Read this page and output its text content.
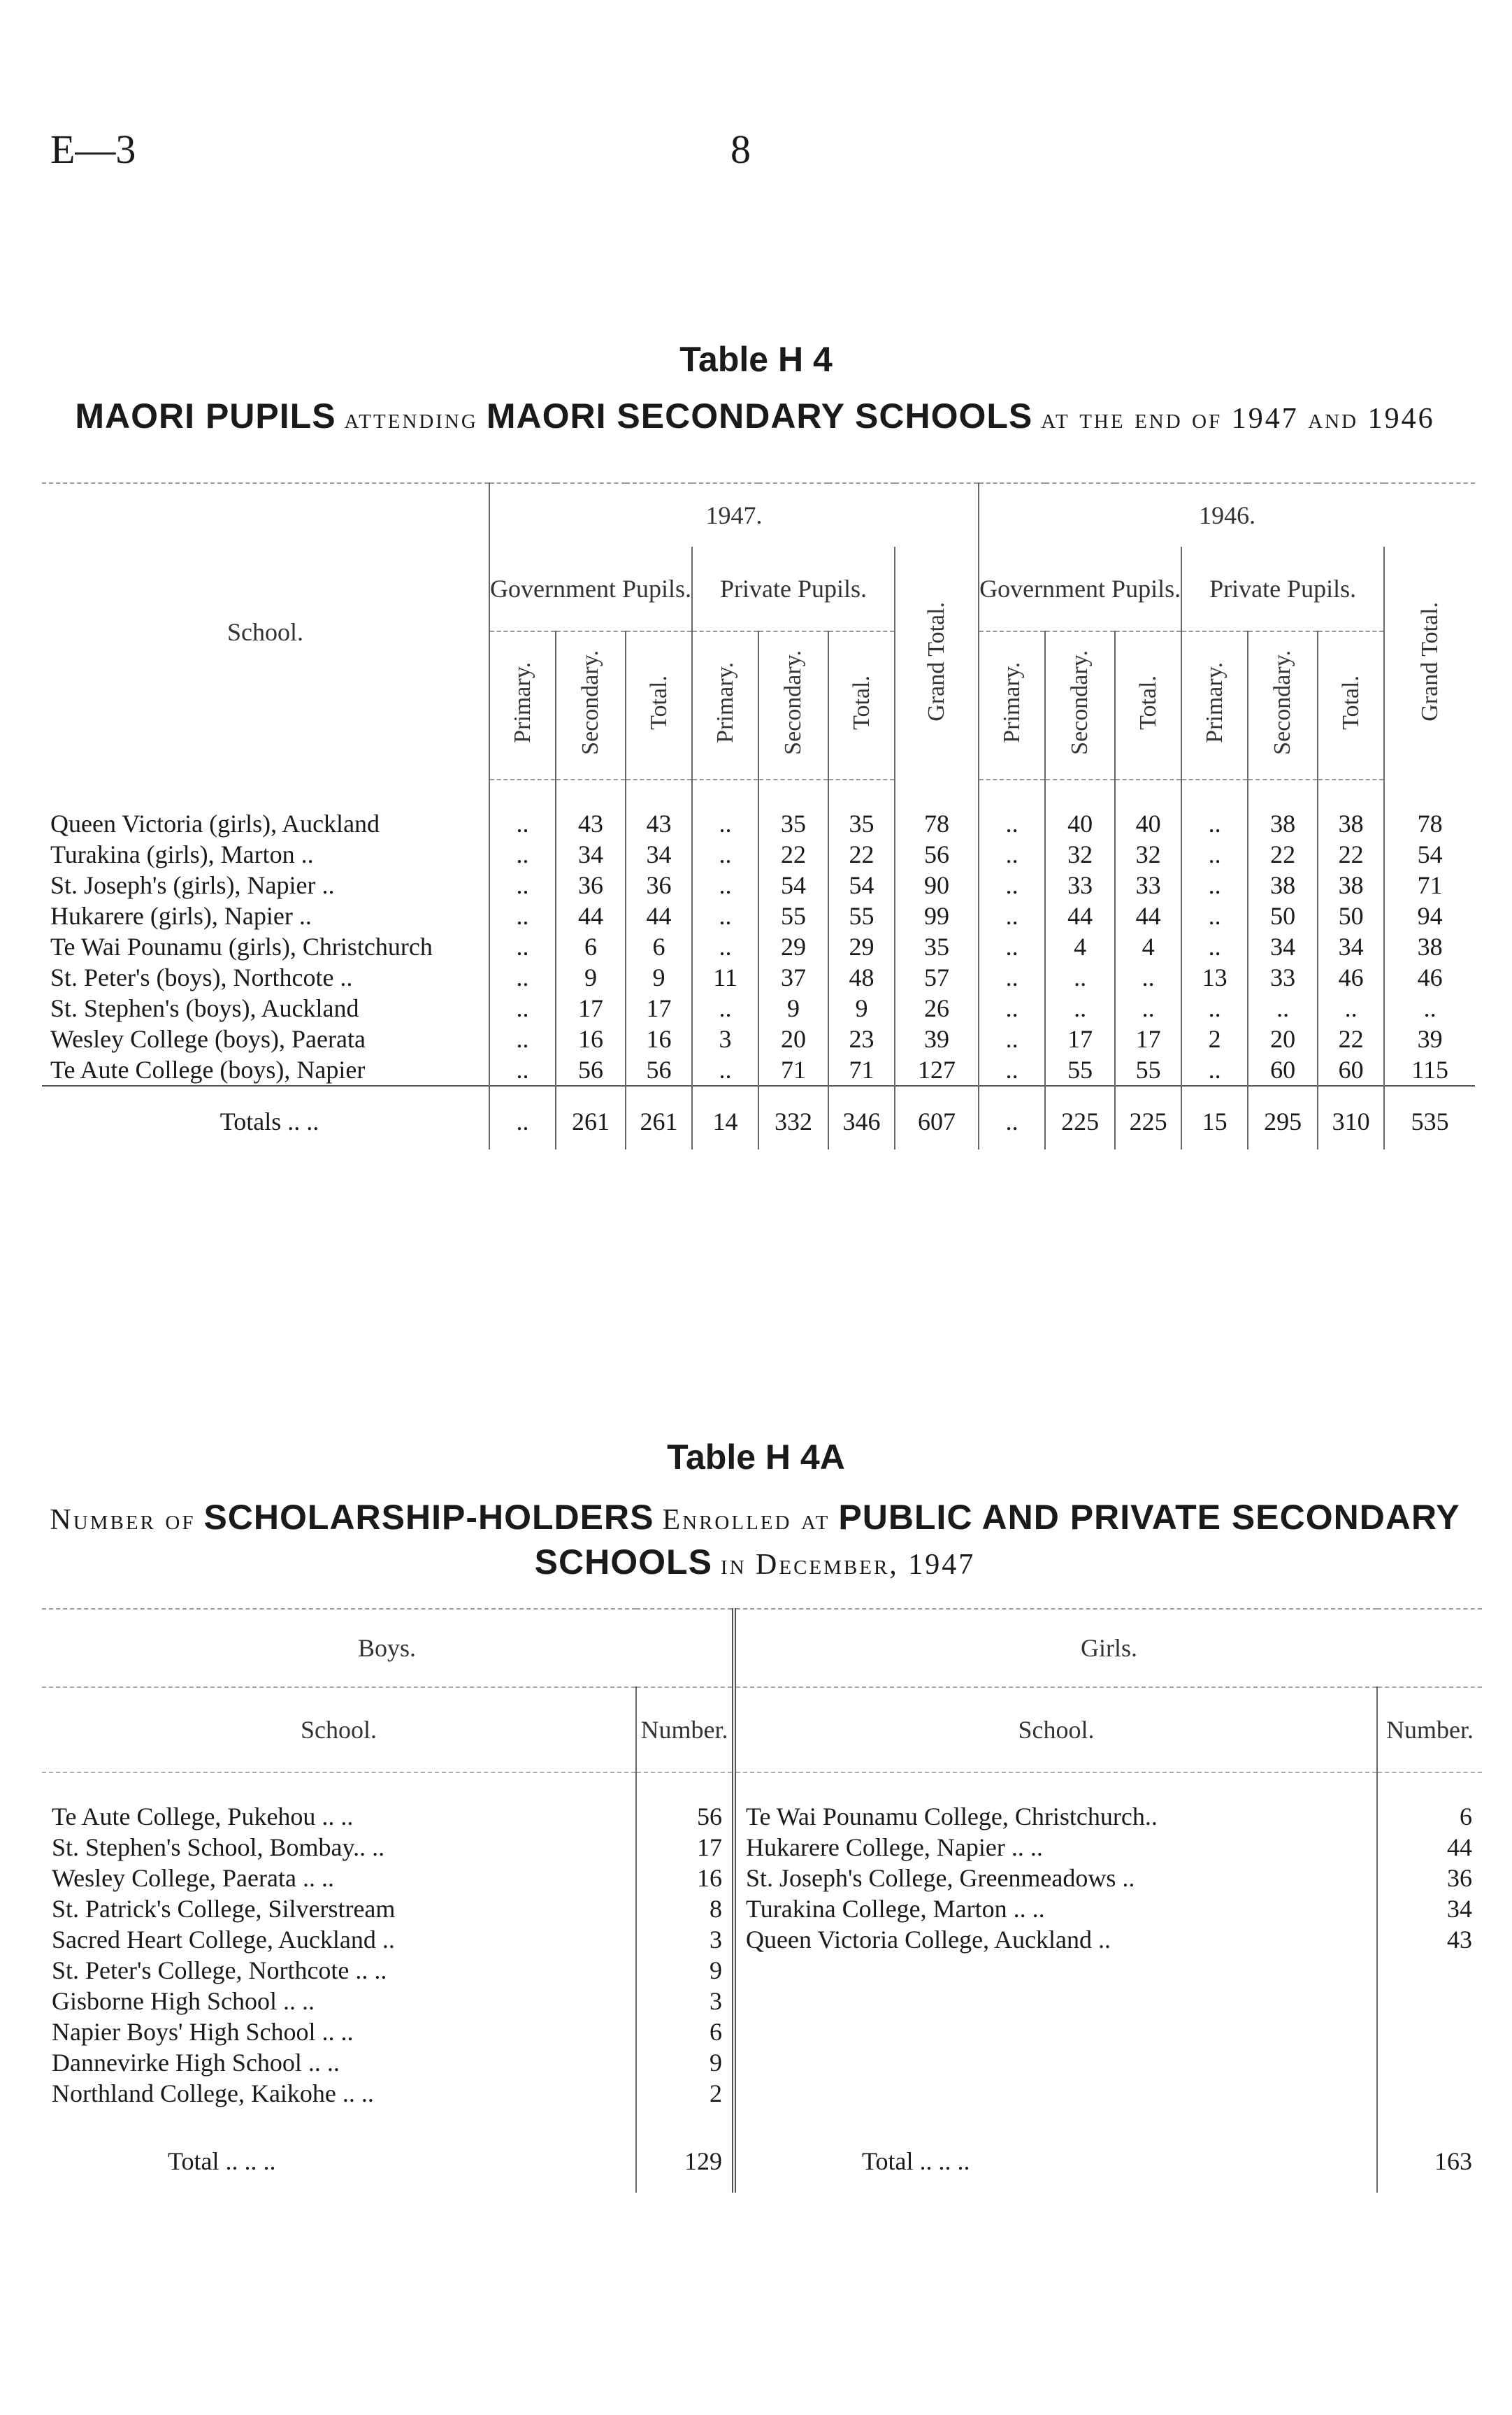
E—3	8
Table H 4
MAORI PUPILS attending MAORI SECONDARY SCHOOLS at the end of 1947 and 1946
School.	1947.							1946.						
	Government Pupils.			Private Pupils.			Grand Total.	Government Pupils.			Private Pupils.			Grand Total.
	Primary.	Secondary.	Total.	Primary.	Secondary.	Total.		Primary.	Secondary.	Total.	Primary.	Secondary.	Total.	
Queen Victoria (girls), Auckland	..	43	43	..	35	35	78	..	40	40	..	38	38	78
Turakina (girls), Marton ..	..	34	34	..	22	22	56	..	32	32	..	22	22	54
St. Joseph's (girls), Napier ..	..	36	36	..	54	54	90	..	33	33	..	38	38	71
Hukarere (girls), Napier ..	..	44	44	..	55	55	99	..	44	44	..	50	50	94
Te Wai Pounamu (girls), Christchurch	..	6	6	..	29	29	35	..	4	4	..	34	34	38
St. Peter's (boys), Northcote ..	..	9	9	11	37	48	57	..	..	..	13	33	46	46
St. Stephen's (boys), Auckland	..	17	17	..	9	9	26	..	..	..	..	..	..	..
Wesley College (boys), Paerata	..	16	16	3	20	23	39	..	17	17	2	20	22	39
Te Aute College (boys), Napier	..	56	56	..	71	71	127	..	55	55	..	60	60	115
Totals .. ..	..	261	261	14	332	346	607	..	225	225	15	295	310	535
Table H 4A
Number of SCHOLARSHIP-HOLDERS Enrolled at PUBLIC AND PRIVATE SECONDARY SCHOOLS in December, 1947
Boys.		Girls.	
School.	Number.	School.	Number.
Te Aute College, Pukehou .. ..	56	Te Wai Pounamu College, Christchurch..	6
St. Stephen's School, Bombay.. ..	17	Hukarere College, Napier .. ..	44
Wesley College, Paerata .. ..	16	St. Joseph's College, Greenmeadows ..	36
St. Patrick's College, Silverstream	8	Turakina College, Marton .. ..	34
Sacred Heart College, Auckland ..	3	Queen Victoria College, Auckland ..	43
St. Peter's College, Northcote .. ..	9		
Gisborne High School .. ..	3		
Napier Boys' High School .. ..	6		
Dannevirke High School .. ..	9		
Northland College, Kaikohe .. ..	2		
Total .. .. ..	129	Total .. .. ..	163
